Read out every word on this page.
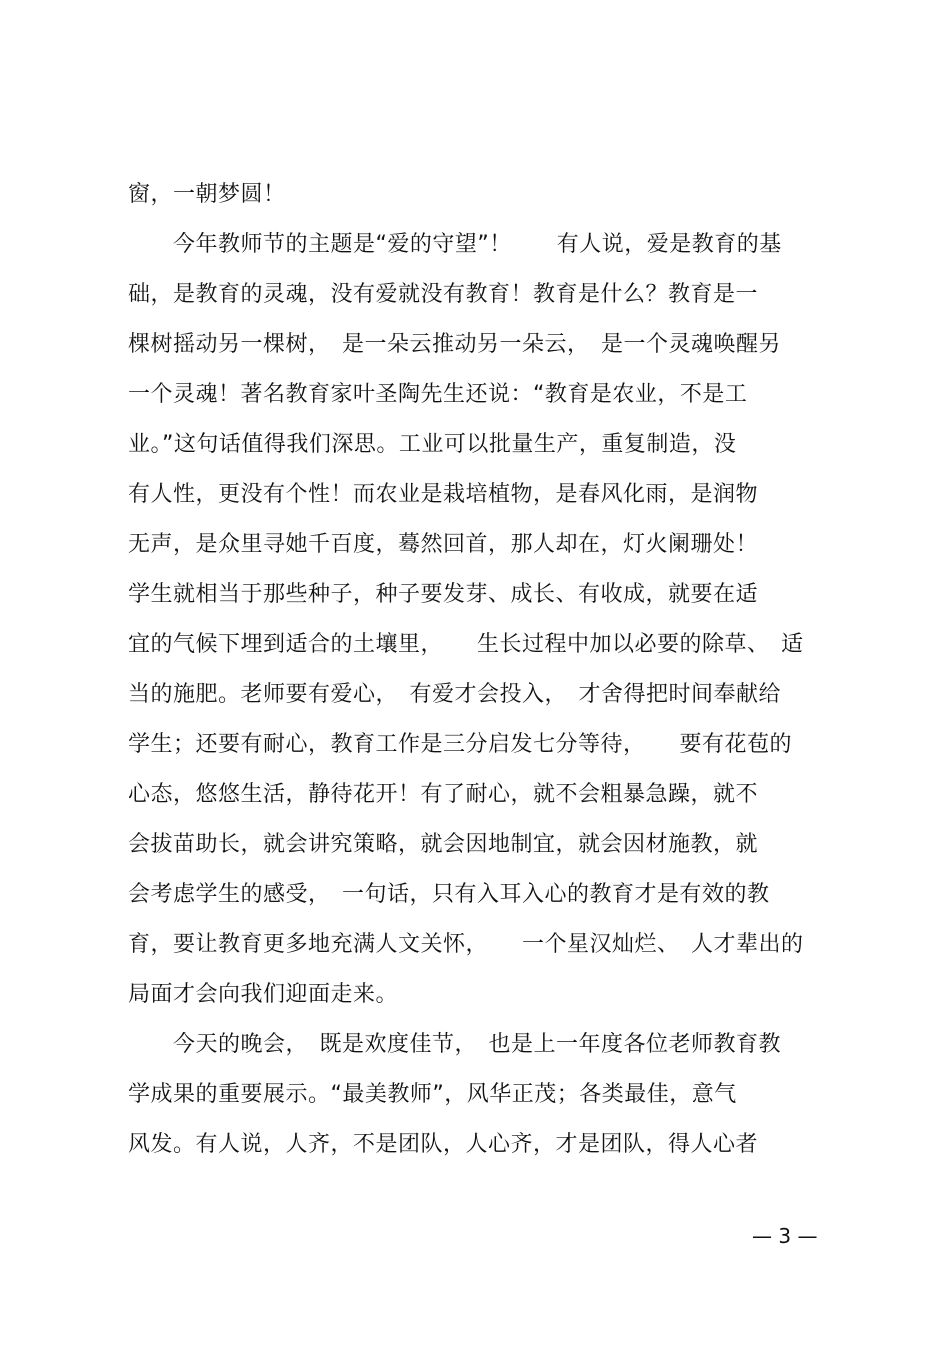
窗，一朝梦圆！
　　今年教师节的主题是“爱的守望”！　　有人说，爱是教育的基
础，是教育的灵魂，没有爱就没有教育！教育是什么？教育是一
棵树摇动另一棵树，　是一朵云推动另一朵云，　是一个灵魂唤醒另
一个灵魂！著名教育家叶圣陶先生还说：“教育是农业，不是工
业。”这句话值得我们深思。工业可以批量生产，重复制造，没
有人性，更没有个性！而农业是栽培植物，是春风化雨，是润物
无声，是众里寻她千百度，蓦然回首，那人却在，灯火阑珊处！
学生就相当于那些种子，种子要发芽、成长、有收成，就要在适
宜的气候下埋到适合的土壤里，　　生长过程中加以必要的除草、　适
当的施肥。老师要有爱心，　有爱才会投入，　才舍得把时间奉献给
学生；还要有耐心，教育工作是三分启发七分等待，　　要有花苞的
心态，悠悠生活，静待花开！有了耐心，就不会粗暴急躁，就不
会拔苗助长，就会讲究策略，就会因地制宜，就会因材施教，就
会考虑学生的感受，　一句话，只有入耳入心的教育才是有效的教
育，要让教育更多地充满人文关怀，　　一个星汉灿烂、　人才辈出的
局面才会向我们迎面走来。
　　今天的晚会，　既是欢度佳节，　也是上一年度各位老师教育教
学成果的重要展示。“最美教师”，风华正茂；各类最佳，意气
风发。有人说，人齐，不是团队，人心齐，才是团队，得人心者
— 3 —
